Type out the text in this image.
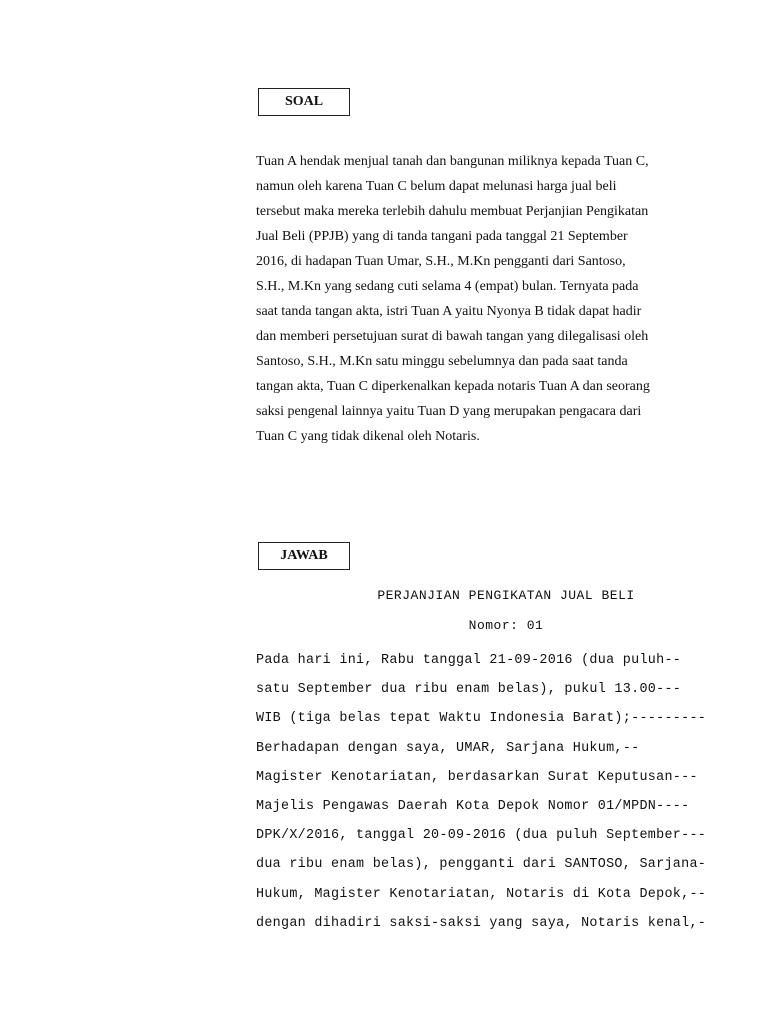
SOAL
Tuan A hendak menjual tanah dan bangunan miliknya kepada Tuan C,
namun oleh karena Tuan C belum dapat melunasi harga jual beli
tersebut maka mereka terlebih dahulu membuat Perjanjian Pengikatan
Jual Beli (PPJB) yang di tanda tangani pada tanggal 21 September
2016, di hadapan Tuan Umar, S.H., M.Kn pengganti dari Santoso,
S.H., M.Kn yang sedang cuti selama 4 (empat) bulan. Ternyata pada
saat tanda tangan akta, istri Tuan A yaitu Nyonya B tidak dapat hadir
dan memberi persetujuan surat di bawah tangan yang dilegalisasi oleh
Santoso, S.H., M.Kn satu minggu sebelumnya dan pada saat tanda
tangan akta, Tuan C diperkenalkan kepada notaris Tuan A dan seorang
saksi pengenal lainnya yaitu Tuan D yang merupakan pengacara dari
Tuan C yang tidak dikenal oleh Notaris.
JAWAB
PERJANJIAN PENGIKATAN JUAL BELI
Nomor: 01
Pada hari ini, Rabu tanggal 21-09-2016 (dua puluh--
satu September dua ribu enam belas), pukul 13.00---
WIB (tiga belas tepat Waktu Indonesia Barat);---------
Berhadapan dengan saya, UMAR, Sarjana Hukum,--
Magister Kenotariatan, berdasarkan Surat Keputusan---
Majelis Pengawas Daerah Kota Depok Nomor 01/MPDN----
DPK/X/2016, tanggal 20-09-2016 (dua puluh September---
dua ribu enam belas), pengganti dari SANTOSO, Sarjana-
Hukum, Magister Kenotariatan, Notaris di Kota Depok,--
dengan dihadiri saksi-saksi yang saya, Notaris kenal,-
